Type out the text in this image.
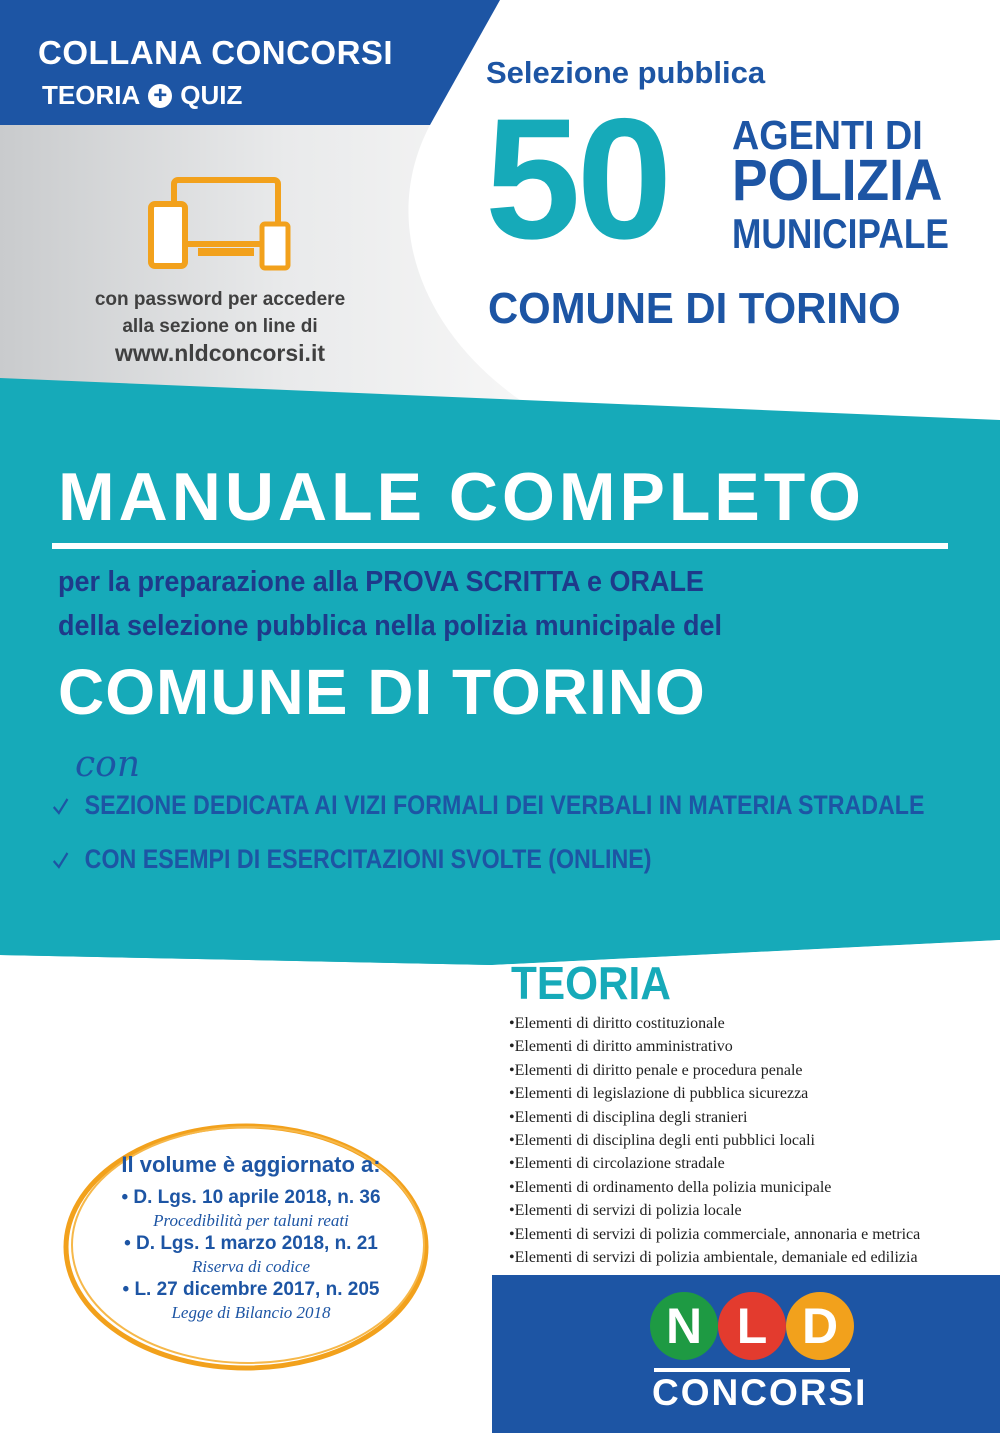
COLLANA CONCORSI
TEORIA + QUIZ
Selezione pubblica
50 AGENTI DI
POLIZIA
MUNICIPALE
COMUNE DI TORINO
con password per accedere
alla sezione on line di
www.nldconcorsi.it
MANUALE COMPLETO
per la preparazione alla PROVA SCRITTA e ORALE
della selezione pubblica nella polizia municipale del
COMUNE DI TORINO
con
SEZIONE DEDICATA AI VIZI FORMALI DEI VERBALI IN MATERIA STRADALE
CON ESEMPI DI ESERCITAZIONI SVOLTE (ONLINE)
TEORIA
• Elementi di diritto costituzionale
• Elementi di diritto amministrativo
• Elementi di diritto penale e procedura penale
• Elementi di legislazione di pubblica sicurezza
• Elementi di disciplina degli stranieri
• Elementi di disciplina degli enti pubblici locali
• Elementi di circolazione stradale
• Elementi di ordinamento della polizia municipale
• Elementi di servizi di polizia locale
• Elementi di servizi di polizia commerciale, annonaria e metrica
• Elementi di servizi di polizia ambientale, demaniale ed edilizia
Il volume è aggiornato a:
• D. Lgs. 10 aprile 2018, n. 36
Procedibilità per taluni reati
• D. Lgs. 1 marzo 2018, n. 21
Riserva di codice
• L. 27 dicembre 2017, n. 205
Legge di Bilancio 2018	N L D
CONCORSI
